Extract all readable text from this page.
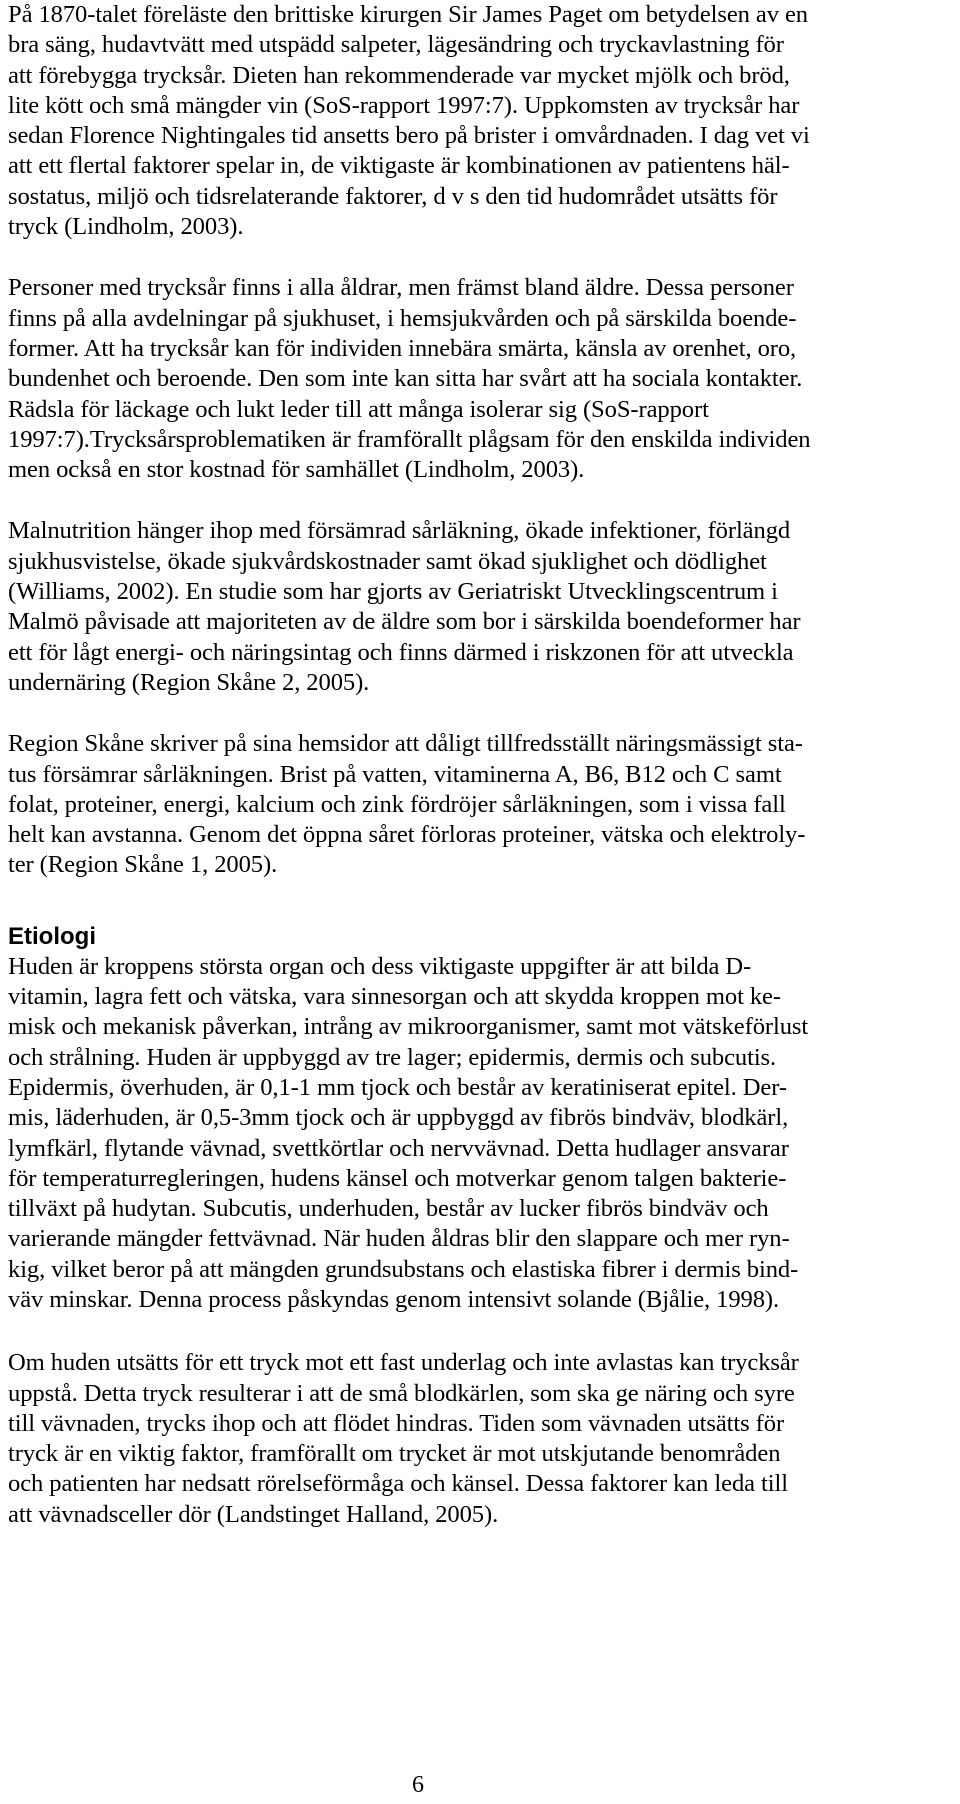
På 1870-talet föreläste den brittiske kirurgen Sir James Paget om betydelsen av en
bra säng, hudavtvätt med utspädd salpeter, lägesändring och tryckavlastning för
att förebygga trycksår. Dieten han rekommenderade var mycket mjölk och bröd,
lite kött och små mängder vin (SoS-rapport 1997:7). Uppkomsten av trycksår har
sedan Florence Nightingales tid ansetts bero på brister i omvårdnaden. I dag vet vi
att ett flertal faktorer spelar in, de viktigaste är kombinationen av patientens häl-
sostatus, miljö och tidsrelaterande faktorer, d v s den tid hudområdet utsätts för
tryck (Lindholm, 2003).

Personer med trycksår finns i alla åldrar, men främst bland äldre. Dessa personer
finns på alla avdelningar på sjukhuset, i hemsjukvården och på särskilda boende-
former. Att ha trycksår kan för individen innebära smärta, känsla av orenhet, oro,
bundenhet och beroende. Den som inte kan sitta har svårt att ha sociala kontakter.
Rädsla för läckage och lukt leder till att många isolerar sig (SoS-rapport
1997:7).Trycksårsproblematiken är framförallt plågsam för den enskilda individen
men också en stor kostnad för samhället (Lindholm, 2003).

Malnutrition hänger ihop med försämrad sårläkning, ökade infektioner, förlängd
sjukhusvistelse, ökade sjukvårdskostnader samt ökad sjuklighet och dödlighet
(Williams, 2002). En studie som har gjorts av Geriatriskt Utvecklingscentrum i
Malmö påvisade att majoriteten av de äldre som bor i särskilda boendeformer har
ett för lågt energi- och näringsintag och finns därmed i riskzonen för att utveckla
undernäring (Region Skåne 2, 2005).

Region Skåne skriver på sina hemsidor att dåligt tillfredsställt näringsmässigt sta-
tus försämrar sårläkningen. Brist på vatten, vitaminerna A, B6, B12 och C samt
folat, proteiner, energi, kalcium och zink fördröjer sårläkningen, som i vissa fall
helt kan avstanna. Genom det öppna såret förloras proteiner, vätska och elektroly-
ter (Region Skåne 1, 2005).

Etiologi

Huden är kroppens största organ och dess viktigaste uppgifter är att bilda D-
vitamin, lagra fett och vätska, vara sinnesorgan och att skydda kroppen mot ke-
misk och mekanisk påverkan, intrång av mikroorganismer, samt mot vätskeförlust
och strålning. Huden är uppbyggd av tre lager; epidermis, dermis och subcutis.
Epidermis, överhuden, är 0,1-1 mm tjock och består av keratiniserat epitel. Der-
mis, läderhuden, är 0,5-3mm tjock och är uppbyggd av fibrös bindväv, blodkärl,
lymfkärl, flytande vävnad, svettkörtlar och nervvävnad. Detta hudlager ansvarar
för temperaturregleringen, hudens känsel och motverkar genom talgen bakterie-
tillväxt på hudytan. Subcutis, underhuden, består av lucker fibrös bindväv och
varierande mängder fettvävnad. När huden åldras blir den slappare och mer ryn-
kig, vilket beror på att mängden grundsubstans och elastiska fibrer i dermis bind-
väv minskar. Denna process påskyndas genom intensivt solande (Bjålie, 1998).

Om huden utsätts för ett tryck mot ett fast underlag och inte avlastas kan trycksår
uppstå. Detta tryck resulterar i att de små blodkärlen, som ska ge näring och syre
till vävnaden, trycks ihop och att flödet hindras. Tiden som vävnaden utsätts för
tryck är en viktig faktor, framförallt om trycket är mot utskjutande benområden
och patienten har nedsatt rörelseförmåga och känsel. Dessa faktorer kan leda till
att vävnadsceller dör (Landstinget Halland, 2005).

6
